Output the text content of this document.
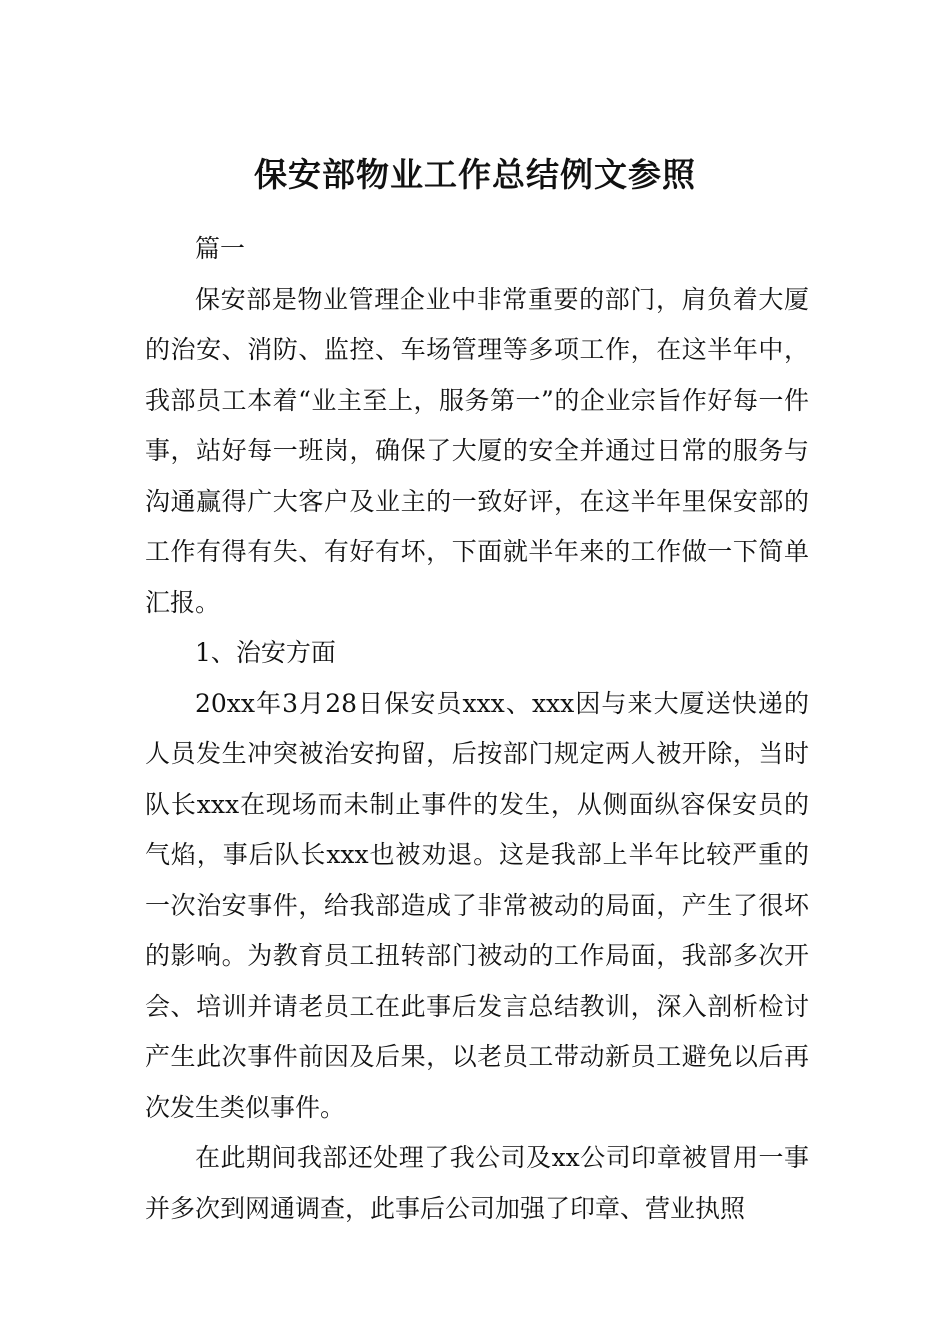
保安部物业工作总结例文参照

篇一

保安部是物业管理企业中非常重要的部门，肩负着大厦的治安、消防、监控、车场管理等多项工作，在这半年中，我部员工本着“业主至上，服务第一”的企业宗旨作好每一件事，站好每一班岗，确保了大厦的安全并通过日常的服务与沟通赢得广大客户及业主的一致好评，在这半年里保安部的工作有得有失、有好有坏，下面就半年来的工作做一下简单汇报。

1、治安方面

20xx年3月28日保安员xxx、xxx因与来大厦送快递的人员发生冲突被治安拘留，后按部门规定两人被开除，当时队长xxx在现场而未制止事件的发生，从侧面纵容保安员的气焰，事后队长xxx也被劝退。这是我部上半年比较严重的一次治安事件，给我部造成了非常被动的局面，产生了很坏的影响。为教育员工扭转部门被动的工作局面，我部多次开会、培训并请老员工在此事后发言总结教训，深入剖析检讨产生此次事件前因及后果，以老员工带动新员工避免以后再次发生类似事件。

在此期间我部还处理了我公司及xx公司印章被冒用一事并多次到网通调查，此事后公司加强了印章、营业执照
